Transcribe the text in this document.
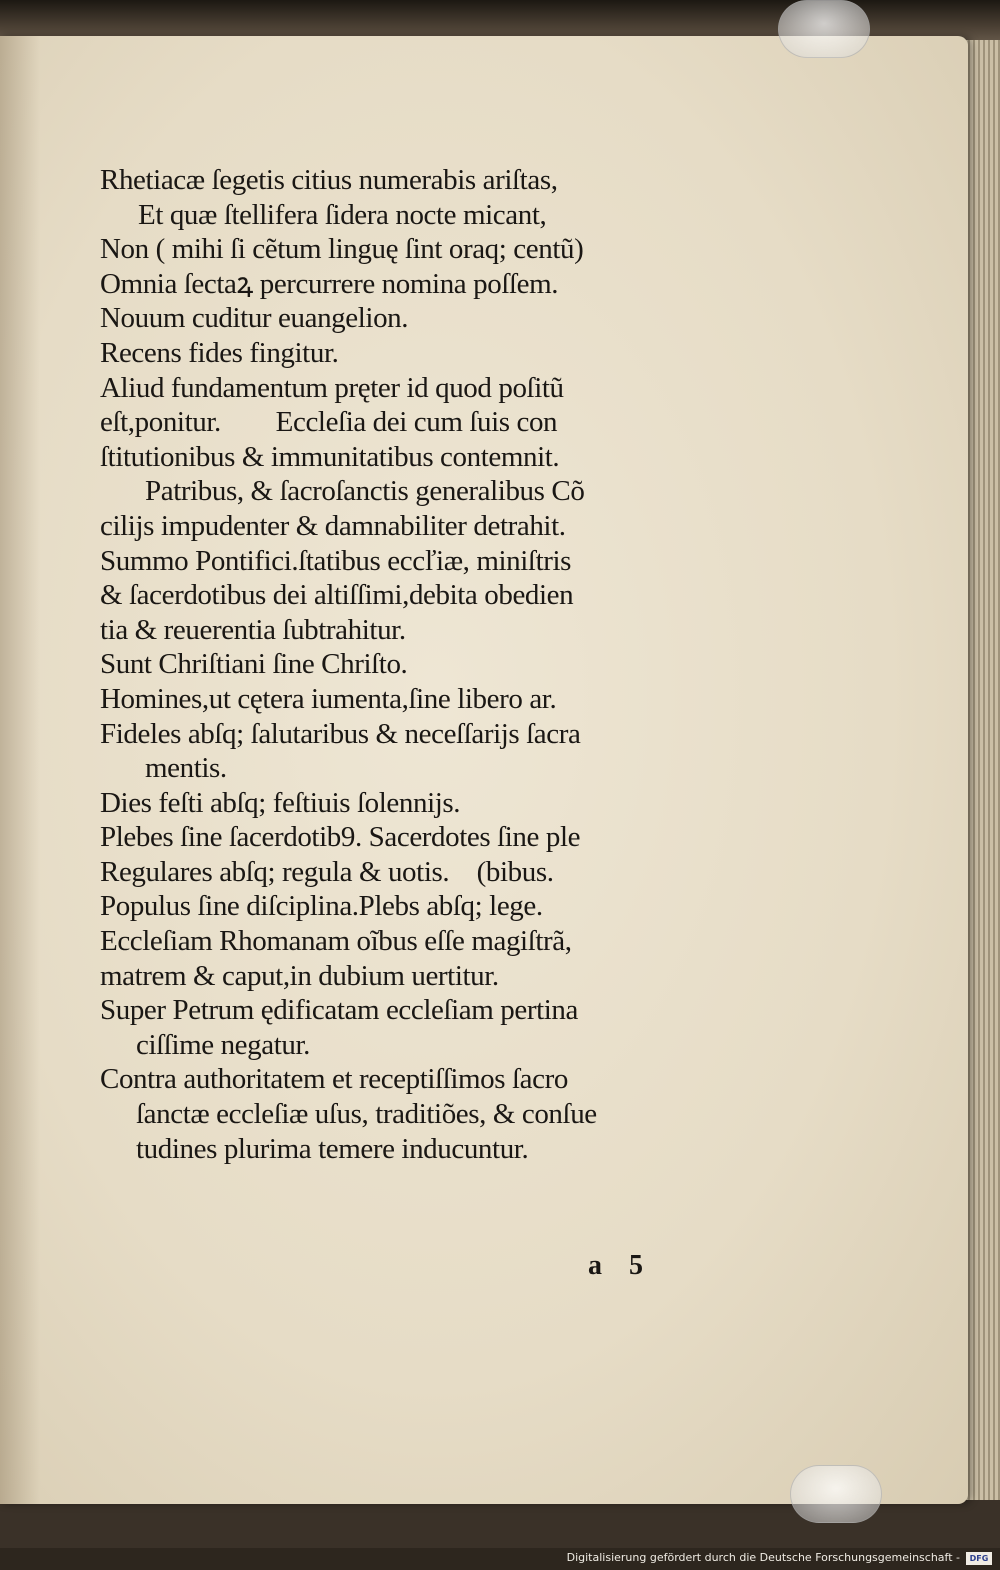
Rhetiacæ ſegetis citius numerabis ariſtas,
Et quæ ſtellifera ſidera nocte micant,
Non ( mihi ſi cẽtum linguę ſint oraq; centũ)
Omnia ſectaꝝ percurrere nomina poſſem.
Nouum cuditur euangelion.
Recens fides fingitur.
Aliud fundamentum pręter id quod poſitũ
eſt,ponitur.        Eccleſia dei cum ſuis con
ſtitutionibus & immunitatibus contemnit.
Patribus, & ſacroſanctis generalibus Cõ
cilijs impudenter & damnabiliter detrahit.
Summo Pontifici.ſtatibus eccľiæ, miniſtris
& ſacerdotibus dei altiſſimi,debita obedien
tia & reuerentia ſubtrahitur.
Sunt Chriſtiani ſine Chriſto.
Homines,ut cętera iumenta,ſine libero ar.
Fideles abſq; ſalutaribus & neceſſarijs ſacra
mentis.
Dies feſti abſq; feſtiuis ſolennijs.
Plebes ſine ſacerdotib9. Sacerdotes ſine ple
Regulares abſq; regula & uotis.    (bibus.
Populus ſine diſciplina.Plebs abſq; lege.
Eccleſiam Rhomanam oĩbus eſſe magiſtrã,
matrem & caput,in dubium uertitur.
Super Petrum ędificatam eccleſiam pertina
ciſſime negatur.
Contra authoritatem et receptiſſimos ſacro
ſanctæ eccleſiæ uſus, traditiões, & conſue
tudines plurima temere inducuntur.
a 5
Digitalisierung gefördert durch die Deutsche Forschungsgemeinschaft -	DFG
